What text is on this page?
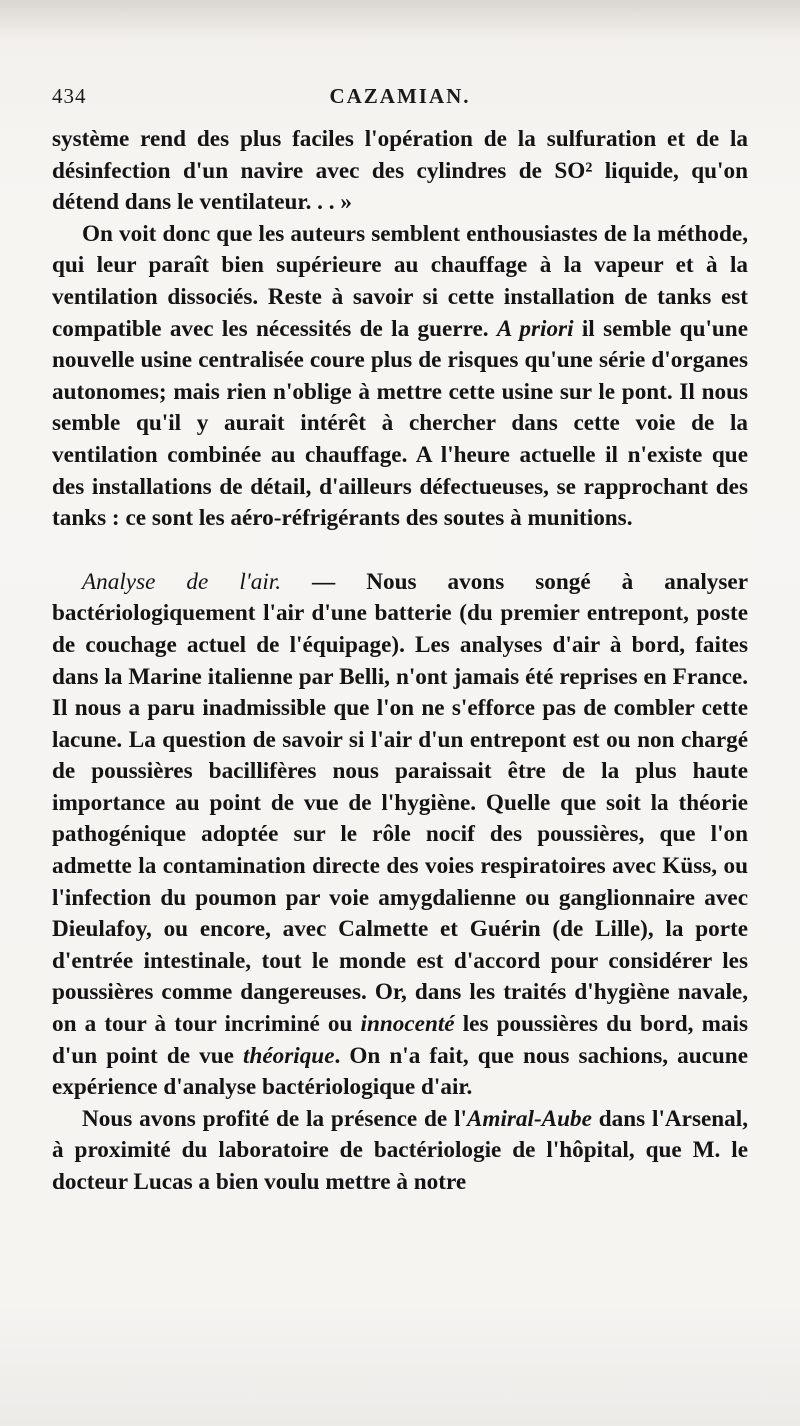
434	CAZAMIAN.

système rend des plus faciles l'opération de la sulfuration et de la désinfection d'un navire avec des cylindres de SO² liquide, qu'on détend dans le ventilateur. . . »

On voit donc que les auteurs semblent enthousiastes de la méthode, qui leur paraît bien supérieure au chauffage à la vapeur et à la ventilation dissociés. Reste à savoir si cette installation de tanks est compatible avec les nécessités de la guerre. A priori il semble qu'une nouvelle usine centralisée coure plus de risques qu'une série d'organes autonomes; mais rien n'oblige à mettre cette usine sur le pont. Il nous semble qu'il y aurait intérêt à chercher dans cette voie de la ventilation combinée au chauffage. A l'heure actuelle il n'existe que des installations de détail, d'ailleurs défectueuses, se rapprochant des tanks : ce sont les aéro-réfrigérants des soutes à munitions.

Analyse de l'air. — Nous avons songé à analyser bactériologiquement l'air d'une batterie (du premier entrepont, poste de couchage actuel de l'équipage). Les analyses d'air à bord, faites dans la Marine italienne par Belli, n'ont jamais été reprises en France. Il nous a paru inadmissible que l'on ne s'efforce pas de combler cette lacune. La question de savoir si l'air d'un entrepont est ou non chargé de poussières bacillifères nous paraissait être de la plus haute importance au point de vue de l'hygiène. Quelle que soit la théorie pathogénique adoptée sur le rôle nocif des poussières, que l'on admette la contamination directe des voies respiratoires avec Küss, ou l'infection du poumon par voie amygdalienne ou ganglionnaire avec Dieulafoy, ou encore, avec Calmette et Guérin (de Lille), la porte d'entrée intestinale, tout le monde est d'accord pour considérer les poussières comme dangereuses. Or, dans les traités d'hygiène navale, on a tour à tour incriminé ou innocenté les poussières du bord, mais d'un point de vue théorique. On n'a fait, que nous sachions, aucune expérience d'analyse bactériologique d'air.

Nous avons profité de la présence de l'Amiral-Aube dans l'Arsenal, à proximité du laboratoire de bactériologie de l'hôpital, que M. le docteur Lucas a bien voulu mettre à notre
